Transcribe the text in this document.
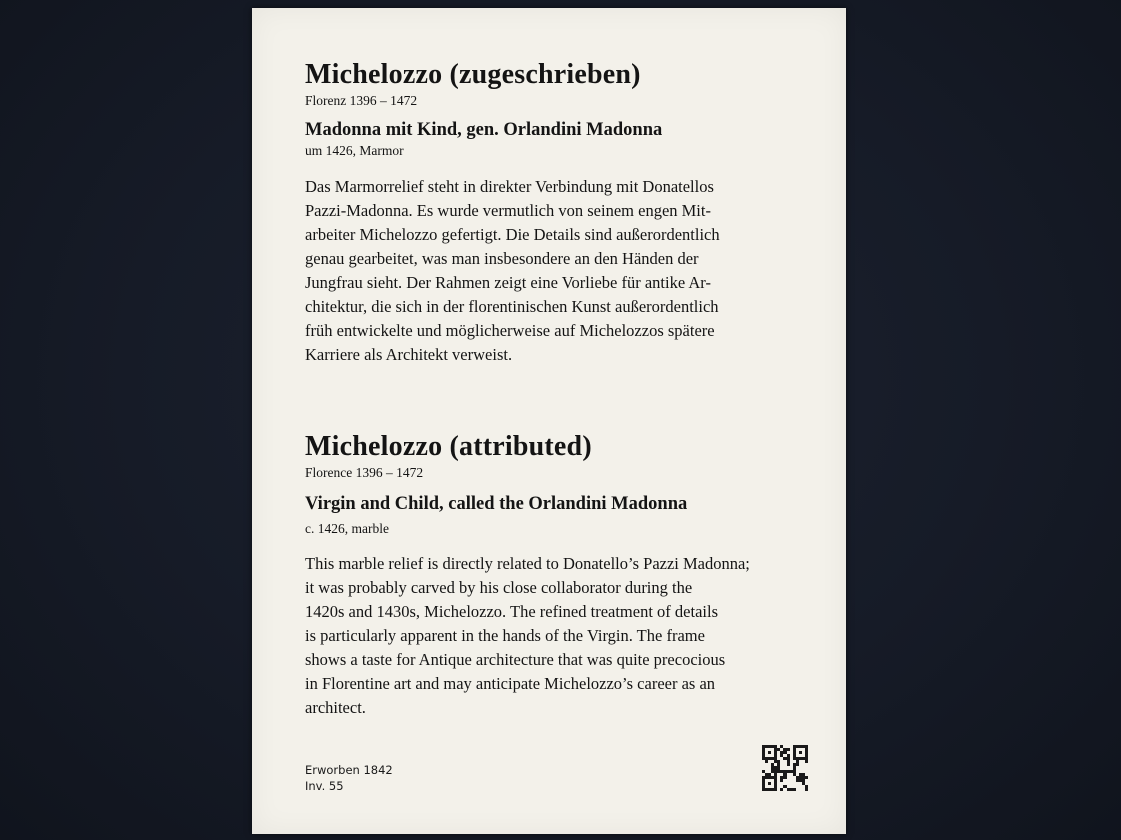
Michelozzo (zugeschrieben)

Florenz 1396 – 1472

Madonna mit Kind, gen. Orlandini Madonna

um 1426, Marmor

Das Marmorrelief steht in direkter Verbindung mit Donatellos
Pazzi-Madonna. Es wurde vermutlich von seinem engen Mit-
arbeiter Michelozzo gefertigt. Die Details sind außerordentlich
genau gearbeitet, was man insbesondere an den Händen der
Jungfrau sieht. Der Rahmen zeigt eine Vorliebe für antike Ar-
chitektur, die sich in der florentinischen Kunst außerordentlich
früh entwickelte und möglicherweise auf Michelozzos spätere
Karriere als Architekt verweist.

Michelozzo (attributed)

Florence 1396 – 1472

Virgin and Child, called the Orlandini Madonna

c. 1426, marble

This marble relief is directly related to Donatello’s Pazzi Madonna;
it was probably carved by his close collaborator during the
1420s and 1430s, Michelozzo. The refined treatment of details
is particularly apparent in the hands of the Virgin. The frame
shows a taste for Antique architecture that was quite precocious
in Florentine art and may anticipate Michelozzo’s career as an
architect.

Erworben 1842
Inv. 55
